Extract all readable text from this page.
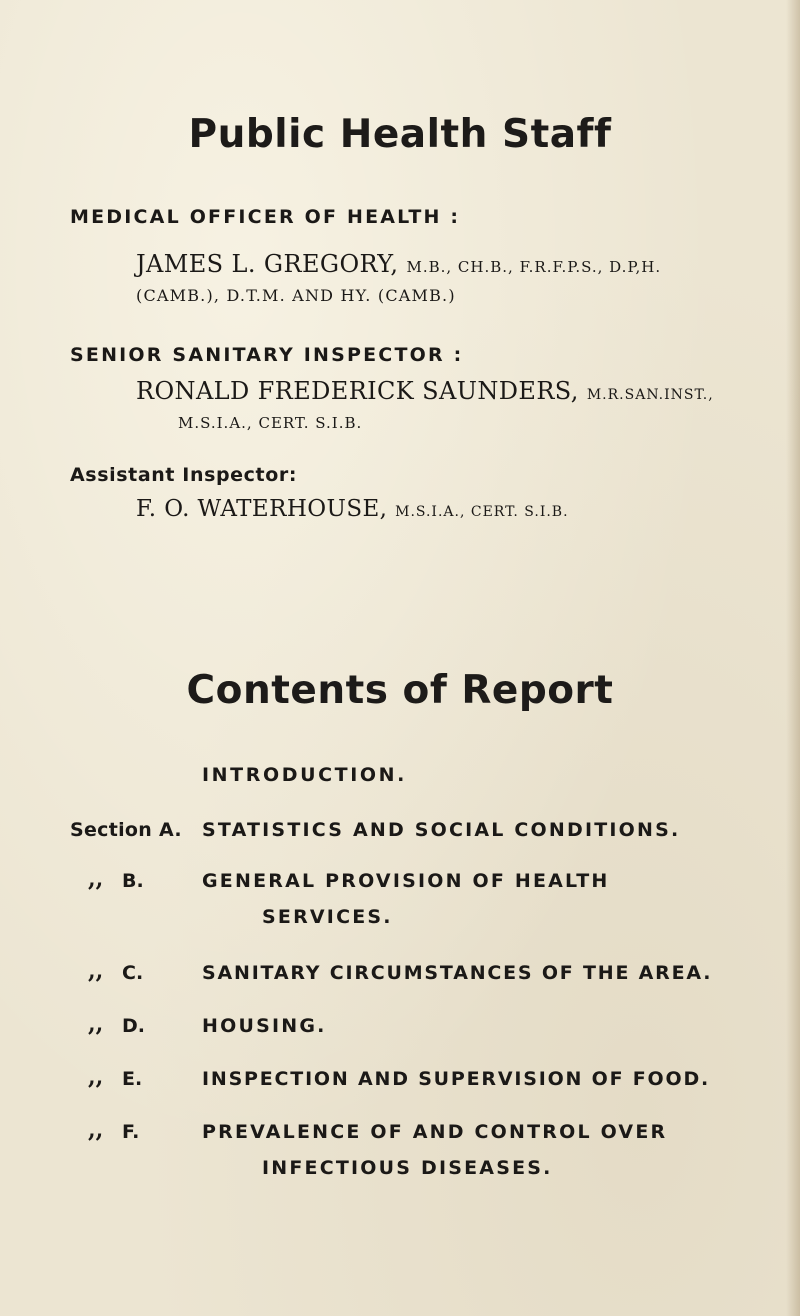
Public Health Staff
MEDICAL OFFICER OF HEALTH :
JAMES L. GREGORY, M.B., CH.B., F.R.F.P.S., D.P,H.
(CAMB.), D.T.M. AND HY. (CAMB.)
SENIOR SANITARY INSPECTOR :
RONALD FREDERICK SAUNDERS, M.R.SAN.INST.,
M.S.I.A., CERT. S.I.B.
Assistant Inspector:
F. O. WATERHOUSE, M.S.I.A., CERT. S.I.B.
Contents of Report
INTRODUCTION.
Section A. STATISTICS AND SOCIAL CONDITIONS.
,, B.	GENERAL PROVISION OF HEALTH
SERVICES.
,, C.	SANITARY CIRCUMSTANCES OF THE AREA.
,, D.	HOUSING.
,, E.	INSPECTION AND SUPERVISION OF FOOD.
,, F.	PREVALENCE OF AND CONTROL OVER
INFECTIOUS DISEASES.
